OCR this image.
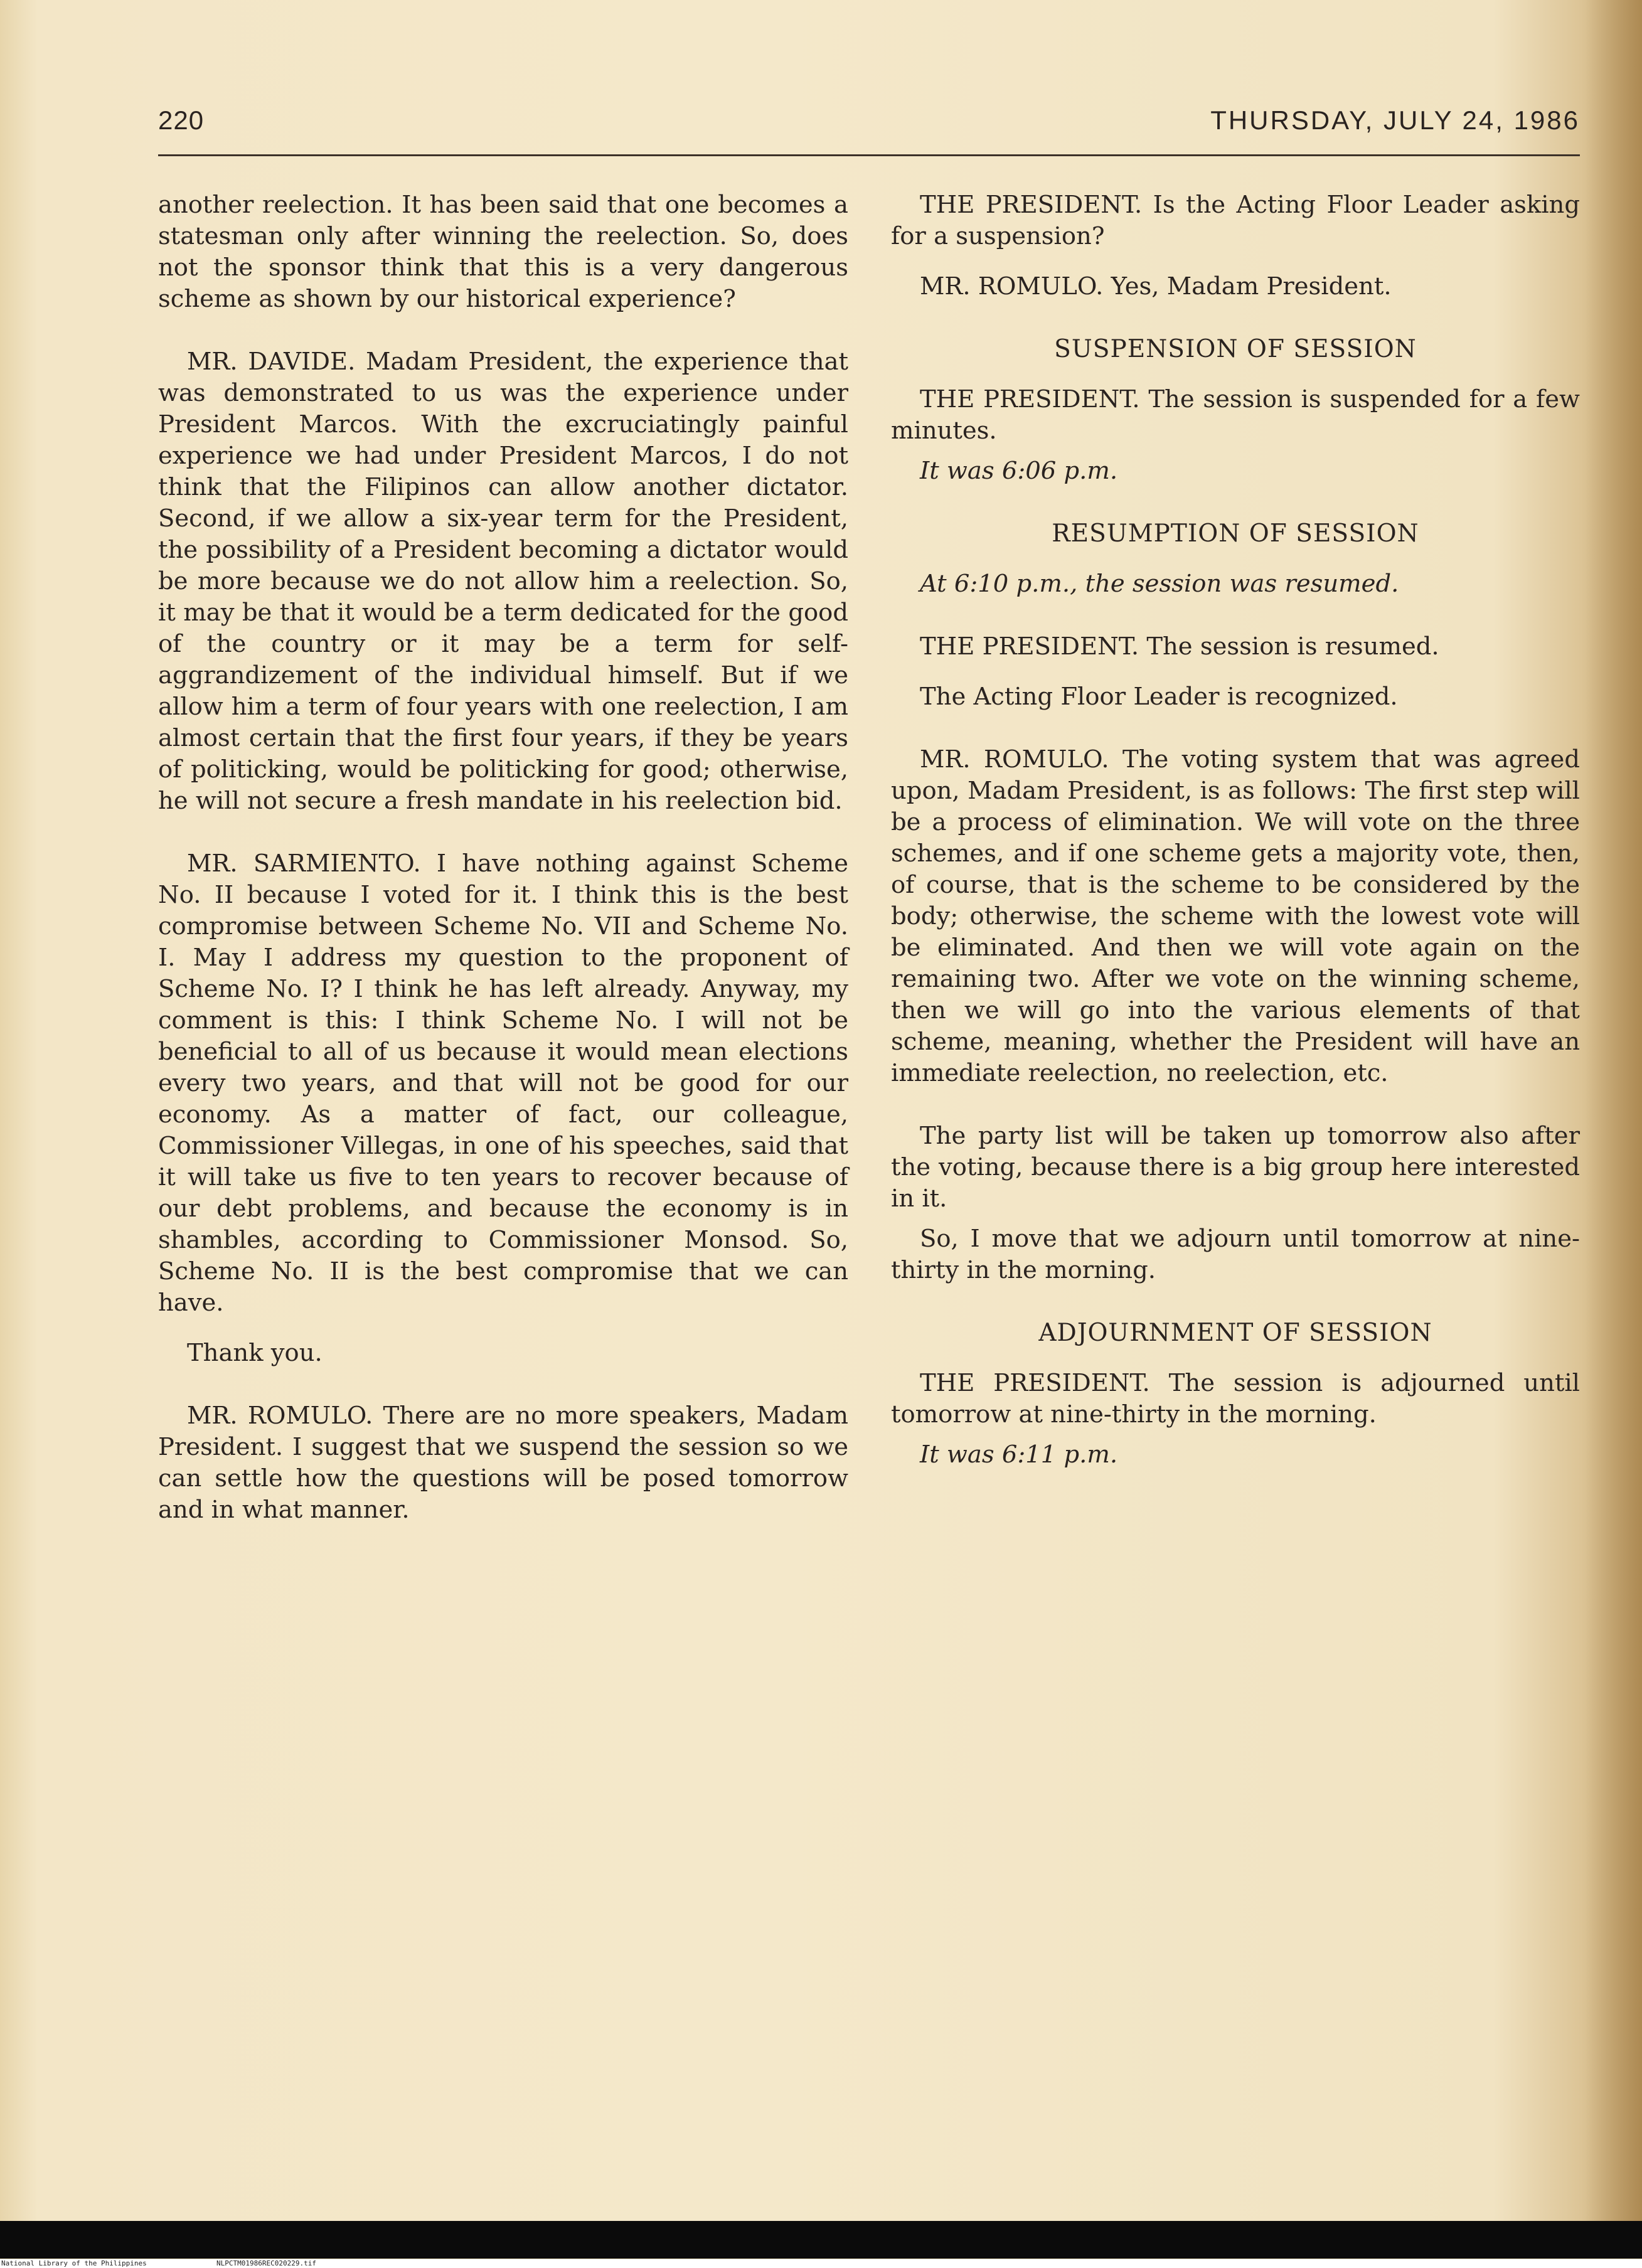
220	THURSDAY, JULY 24, 1986

another reelection. It has been said that one becomes a statesman only after winning the reelection. So, does not the sponsor think that this is a very dangerous scheme as shown by our historical experience?

MR. DAVIDE. Madam President, the experience that was demonstrated to us was the experience under President Marcos. With the excruciatingly painful experience we had under President Marcos, I do not think that the Filipinos can allow another dictator. Second, if we allow a six-year term for the President, the possibility of a President becoming a dictator would be more because we do not allow him a reelection. So, it may be that it would be a term dedicated for the good of the country or it may be a term for self-aggrandizement of the individual himself. But if we allow him a term of four years with one reelection, I am almost certain that the first four years, if they be years of politicking, would be politicking for good; otherwise, he will not secure a fresh mandate in his reelection bid.

MR. SARMIENTO. I have nothing against Scheme No. II because I voted for it. I think this is the best compromise between Scheme No. VII and Scheme No. I. May I address my question to the proponent of Scheme No. I? I think he has left already. Anyway, my comment is this: I think Scheme No. I will not be beneficial to all of us because it would mean elections every two years, and that will not be good for our economy. As a matter of fact, our colleague, Commissioner Villegas, in one of his speeches, said that it will take us five to ten years to recover because of our debt problems, and because the economy is in shambles, according to Commissioner Monsod. So, Scheme No. II is the best compromise that we can have.

Thank you.

MR. ROMULO. There are no more speakers, Madam President. I suggest that we suspend the session so we can settle how the questions will be posed tomorrow and in what manner.

THE PRESIDENT. Is the Acting Floor Leader asking for a suspension?

MR. ROMULO. Yes, Madam President.

SUSPENSION OF SESSION

THE PRESIDENT. The session is suspended for a few minutes.

It was 6:06 p.m.

RESUMPTION OF SESSION

At 6:10 p.m., the session was resumed.

THE PRESIDENT. The session is resumed.

The Acting Floor Leader is recognized.

MR. ROMULO. The voting system that was agreed upon, Madam President, is as follows: The first step will be a process of elimination. We will vote on the three schemes, and if one scheme gets a majority vote, then, of course, that is the scheme to be considered by the body; otherwise, the scheme with the lowest vote will be eliminated. And then we will vote again on the remaining two. After we vote on the winning scheme, then we will go into the various elements of that scheme, meaning, whether the President will have an immediate reelection, no reelection, etc.

The party list will be taken up tomorrow also after the voting, because there is a big group here interested in it.

So, I move that we adjourn until tomorrow at nine-thirty in the morning.

ADJOURNMENT OF SESSION

THE PRESIDENT. The session is adjourned until tomorrow at nine-thirty in the morning.

It was 6:11 p.m.

National Library of the Philippines	NLPCTM01986REC020229.tif
